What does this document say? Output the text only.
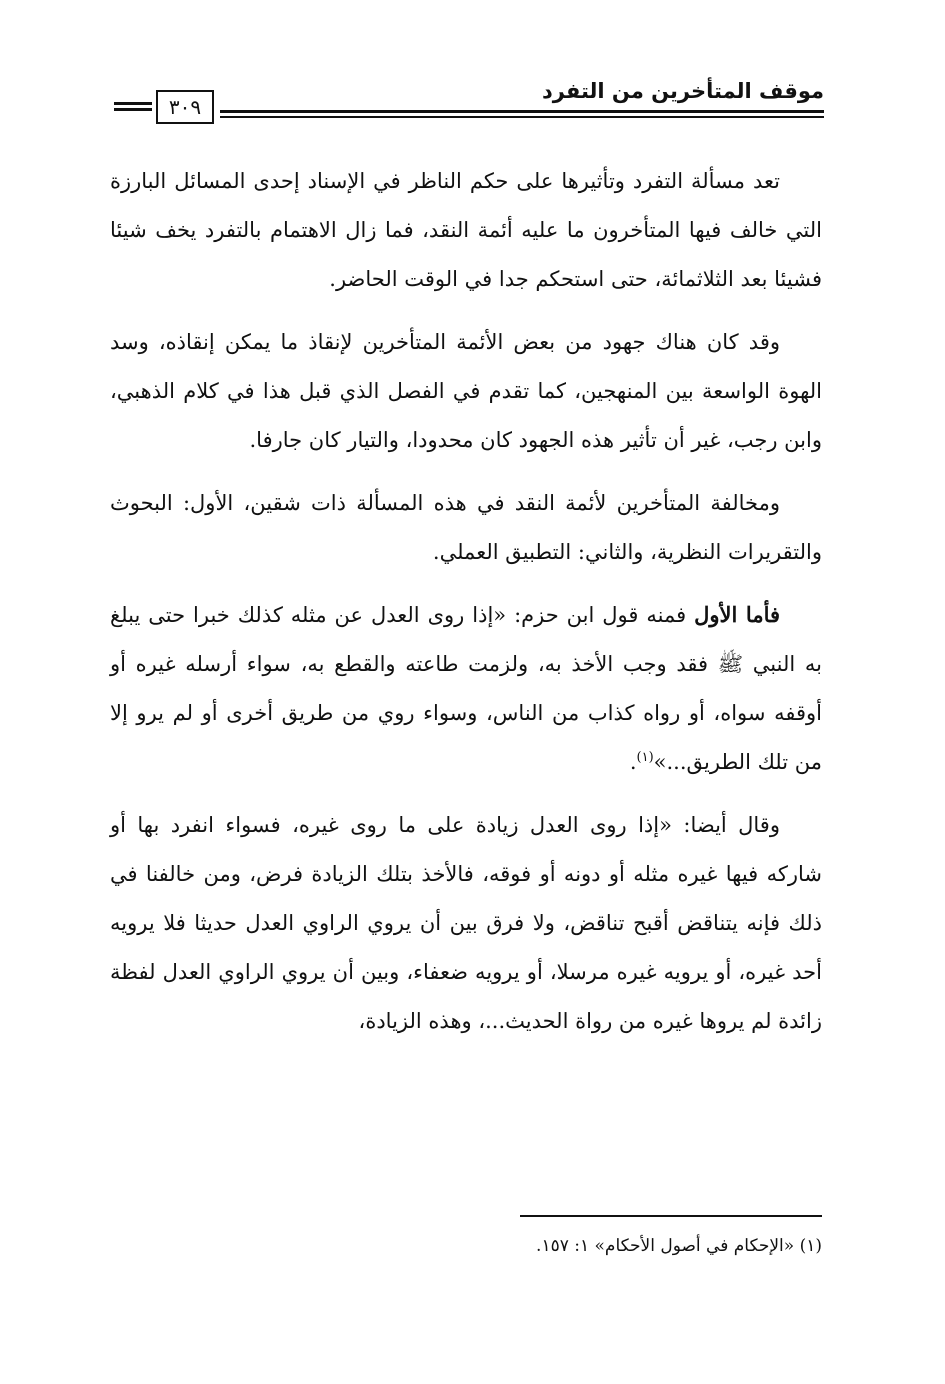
موقف المتأخرين من التفرد
٣٠٩

تعد مسألة التفرد وتأثيرها على حكم الناظر في الإسناد إحدى المسائل البارزة التي خالف فيها المتأخرون ما عليه أئمة النقد، فما زال الاهتمام بالتفرد يخف شيئا فشيئا بعد الثلاثمائة، حتى استحكم جدا في الوقت الحاضر.

وقد كان هناك جهود من بعض الأئمة المتأخرين لإنقاذ ما يمكن إنقاذه، وسد الهوة الواسعة بين المنهجين، كما تقدم في الفصل الذي قبل هذا في كلام الذهبي، وابن رجب، غير أن تأثير هذه الجهود كان محدودا، والتيار كان جارفا.

ومخالفة المتأخرين لأئمة النقد في هذه المسألة ذات شقين، الأول: البحوث والتقريرات النظرية، والثاني: التطبيق العملي.

فأما الأول فمنه قول ابن حزم: «إذا روى العدل عن مثله كذلك خبرا حتى يبلغ به النبي ﷺ فقد وجب الأخذ به، ولزمت طاعته والقطع به، سواء أرسله غيره أو أوقفه سواه، أو رواه كذاب من الناس، وسواء روي من طريق أخرى أو لم يرو إلا من تلك الطريق...»$^{(١)}$.

وقال أيضا: «إذا روى العدل زيادة على ما روى غيره، فسواء انفرد بها أو شاركه فيها غيره مثله أو دونه أو فوقه، فالأخذ بتلك الزيادة فرض، ومن خالفنا في ذلك فإنه يتناقض أقبح تناقض، ولا فرق بين أن يروي الراوي العدل حديثا فلا يرويه أحد غيره، أو يرويه غيره مرسلا، أو يرويه ضعفاء، وبين أن يروي الراوي العدل لفظة زائدة لم يروها غيره من رواة الحديث...، وهذه الزيادة،

(١) «الإحكام في أصول الأحكام» ١: ١٥٧.
